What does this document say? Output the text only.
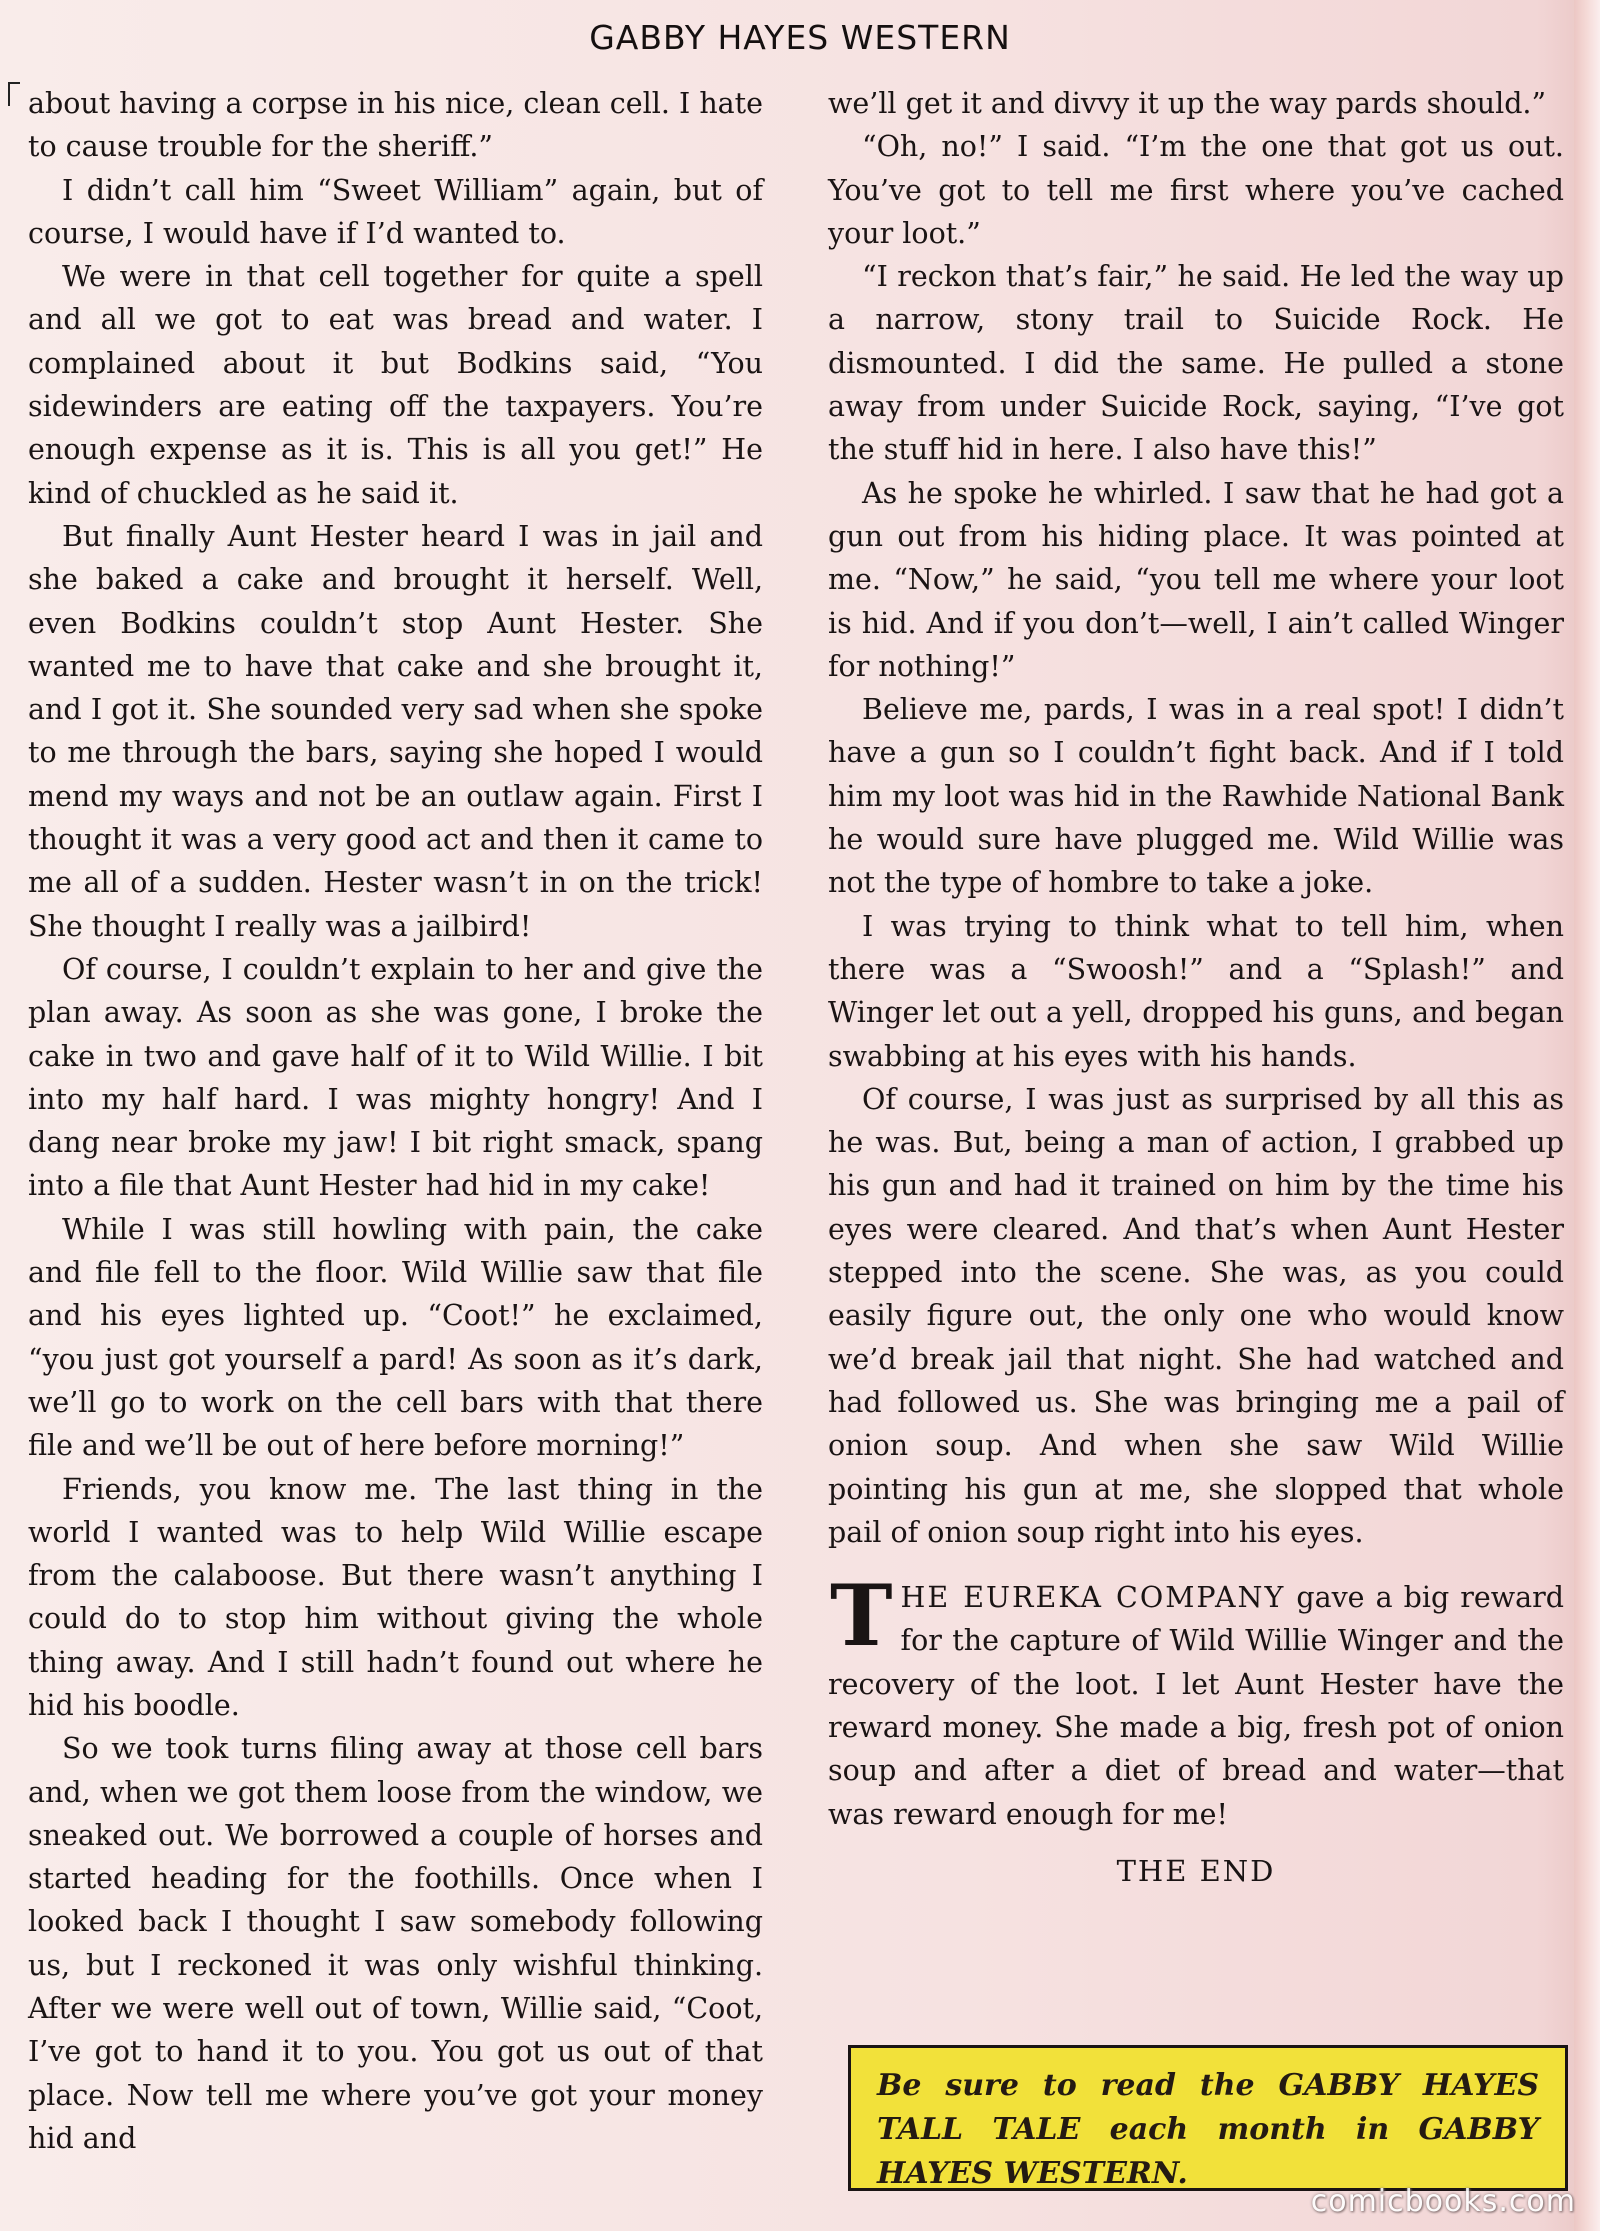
GABBY HAYES WESTERN

about having a corpse in his nice, clean cell. I hate to cause trouble for the sheriff.”

I didn’t call him “Sweet William” again, but of course, I would have if I’d wanted to.

We were in that cell together for quite a spell and all we got to eat was bread and water. I complained about it but Bodkins said, “You sidewinders are eating off the taxpayers. You’re enough expense as it is. This is all you get!” He kind of chuckled as he said it.

But finally Aunt Hester heard I was in jail and she baked a cake and brought it herself. Well, even Bodkins couldn’t stop Aunt Hester. She wanted me to have that cake and she brought it, and I got it. She sounded very sad when she spoke to me through the bars, saying she hoped I would mend my ways and not be an outlaw again. First I thought it was a very good act and then it came to me all of a sudden. Hester wasn’t in on the trick! She thought I really was a jailbird!

Of course, I couldn’t explain to her and give the plan away. As soon as she was gone, I broke the cake in two and gave half of it to Wild Willie. I bit into my half hard. I was mighty hongry! And I dang near broke my jaw! I bit right smack, spang into a file that Aunt Hester had hid in my cake!

While I was still howling with pain, the cake and file fell to the floor. Wild Willie saw that file and his eyes lighted up. “Coot!” he exclaimed, “you just got yourself a pard! As soon as it’s dark, we’ll go to work on the cell bars with that there file and we’ll be out of here before morning!”

Friends, you know me. The last thing in the world I wanted was to help Wild Willie escape from the calaboose. But there wasn’t anything I could do to stop him without giving the whole thing away. And I still hadn’t found out where he hid his boodle.

So we took turns filing away at those cell bars and, when we got them loose from the window, we sneaked out. We borrowed a couple of horses and started heading for the foothills. Once when I looked back I thought I saw somebody following us, but I reckoned it was only wishful thinking. After we were well out of town, Willie said, “Coot, I’ve got to hand it to you. You got us out of that place. Now tell me where you’ve got your money hid and

we’ll get it and divvy it up the way pards should.”

“Oh, no!” I said. “I’m the one that got us out. You’ve got to tell me first where you’ve cached your loot.”

“I reckon that’s fair,” he said. He led the way up a narrow, stony trail to Suicide Rock. He dismounted. I did the same. He pulled a stone away from under Suicide Rock, saying, “I’ve got the stuff hid in here. I also have this!”

As he spoke he whirled. I saw that he had got a gun out from his hiding place. It was pointed at me. “Now,” he said, “you tell me where your loot is hid. And if you don’t—well, I ain’t called Winger for nothing!”

Believe me, pards, I was in a real spot! I didn’t have a gun so I couldn’t fight back. And if I told him my loot was hid in the Rawhide National Bank he would sure have plugged me. Wild Willie was not the type of hombre to take a joke.

I was trying to think what to tell him, when there was a “Swoosh!” and a “Splash!” and Winger let out a yell, dropped his guns, and began swabbing at his eyes with his hands.

Of course, I was just as surprised by all this as he was. But, being a man of action, I grabbed up his gun and had it trained on him by the time his eyes were cleared. And that’s when Aunt Hester stepped into the scene. She was, as you could easily figure out, the only one who would know we’d break jail that night. She had watched and had followed us. She was bringing me a pail of onion soup. And when she saw Wild Willie pointing his gun at me, she slopped that whole pail of onion soup right into his eyes.

THE EUREKA COMPANY gave a big reward for the capture of Wild Willie Winger and the recovery of the loot. I let Aunt Hester have the reward money. She made a big, fresh pot of onion soup and after a diet of bread and water—that was reward enough for me!

THE END
Be sure to read the GABBY HAYES TALL TALE each month in GABBY HAYES WESTERN.
comicbooks.com
